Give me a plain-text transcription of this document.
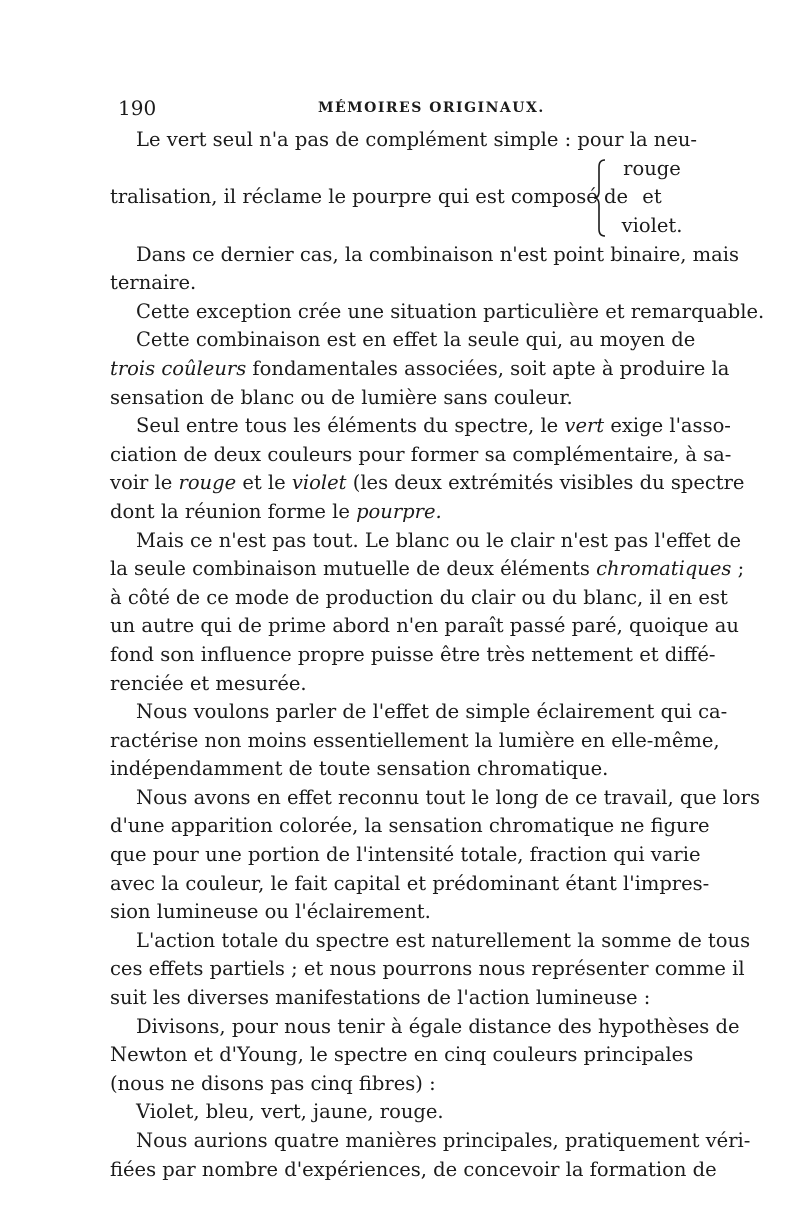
190	MÉMOIRES ORIGINAUX.
Le vert seul n'a pas de complément simple : pour la neu-
tralisation, il réclame le pourpre qui est composé de
rouge
et
violet.
Dans ce dernier cas, la combinaison n'est point binaire, mais
ternaire.
Cette exception crée une situation particulière et remarquable.
Cette combinaison est en effet la seule qui, au moyen de
trois coûleurs fondamentales associées, soit apte à produire la
sensation de blanc ou de lumière sans couleur.
Seul entre tous les éléments du spectre, le vert exige l'asso-
ciation de deux couleurs pour former sa complémentaire, à sa-
voir le rouge et le violet (les deux extrémités visibles du spectre
dont la réunion forme le pourpre.
Mais ce n'est pas tout. Le blanc ou le clair n'est pas l'effet de
la seule combinaison mutuelle de deux éléments chromatiques ;
à côté de ce mode de production du clair ou du blanc, il en est
un autre qui de prime abord n'en paraît passé paré, quoique au
fond son influence propre puisse être très nettement et diffé-
renciée et mesurée.
Nous voulons parler de l'effet de simple éclairement qui ca-
ractérise non moins essentiellement la lumière en elle-même,
indépendamment de toute sensation chromatique.
Nous avons en effet reconnu tout le long de ce travail, que lors
d'une apparition colorée, la sensation chromatique ne figure
que pour une portion de l'intensité totale, fraction qui varie
avec la couleur, le fait capital et prédominant étant l'impres-
sion lumineuse ou l'éclairement.
L'action totale du spectre est naturellement la somme de tous
ces effets partiels ; et nous pourrons nous représenter comme il
suit les diverses manifestations de l'action lumineuse :
Divisons, pour nous tenir à égale distance des hypothèses de
Newton et d'Young, le spectre en cinq couleurs principales
(nous ne disons pas cinq fibres) :
Violet, bleu, vert, jaune, rouge.
Nous aurions quatre manières principales, pratiquement véri-
fiées par nombre d'expériences, de concevoir la formation de
